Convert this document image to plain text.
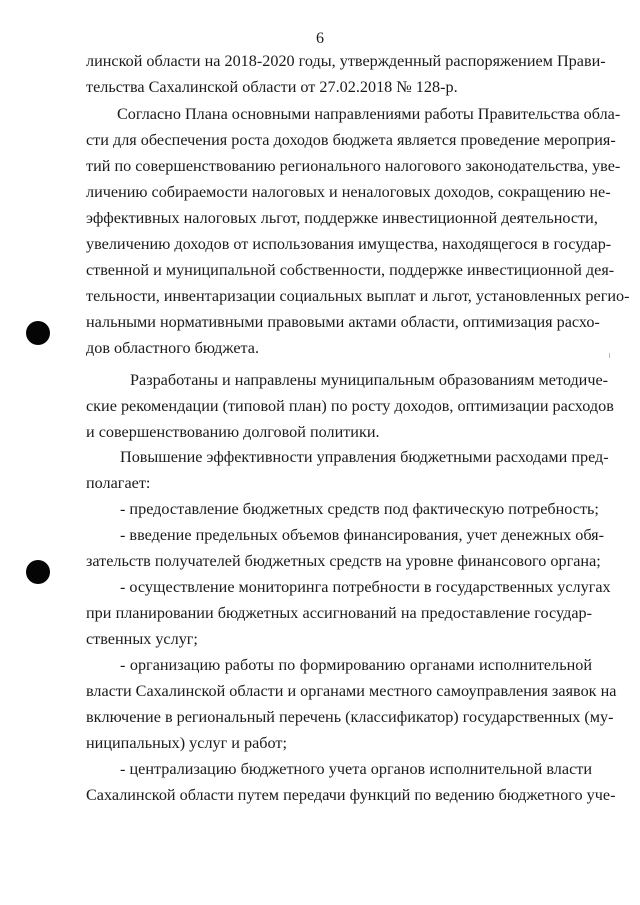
6
линской области на 2018-2020 годы, утвержденный распоряжением Прави-
тельства Сахалинской области от 27.02.2018 № 128-р.
Согласно Плана основными направлениями работы Правительства обла-
сти для обеспечения роста доходов бюджета является проведение мероприя-
тий по совершенствованию регионального налогового законодательства, уве-
личению собираемости налоговых и неналоговых доходов, сокращению не-
эффективных налоговых льгот, поддержке инвестиционной деятельности,
увеличению доходов от использования имущества, находящегося в государ-
ственной и муниципальной собственности, поддержке инвестиционной дея-
тельности, инвентаризации социальных выплат и льгот, установленных регио-
нальными нормативными правовыми актами области, оптимизация расхо-
дов областного бюджета.
Разработаны и направлены муниципальным образованиям методиче-
ские рекомендации (типовой план) по росту доходов, оптимизации расходов
и совершенствованию долговой политики.
Повышение эффективности управления бюджетными расходами пред-
полагает:
- предоставление бюджетных средств под фактическую потребность;
- введение предельных объемов финансирования, учет денежных обя-
зательств получателей бюджетных средств на уровне финансового органа;
- осуществление мониторинга потребности в государственных услугах
при планировании бюджетных ассигнований на предоставление государ-
ственных услуг;
- организацию работы по формированию органами исполнительной
власти Сахалинской области и органами местного самоуправления заявок на
включение в региональный перечень (классификатор) государственных (му-
ниципальных) услуг и работ;
- централизацию бюджетного учета органов исполнительной власти
Сахалинской области путем передачи функций по ведению бюджетного уче-
